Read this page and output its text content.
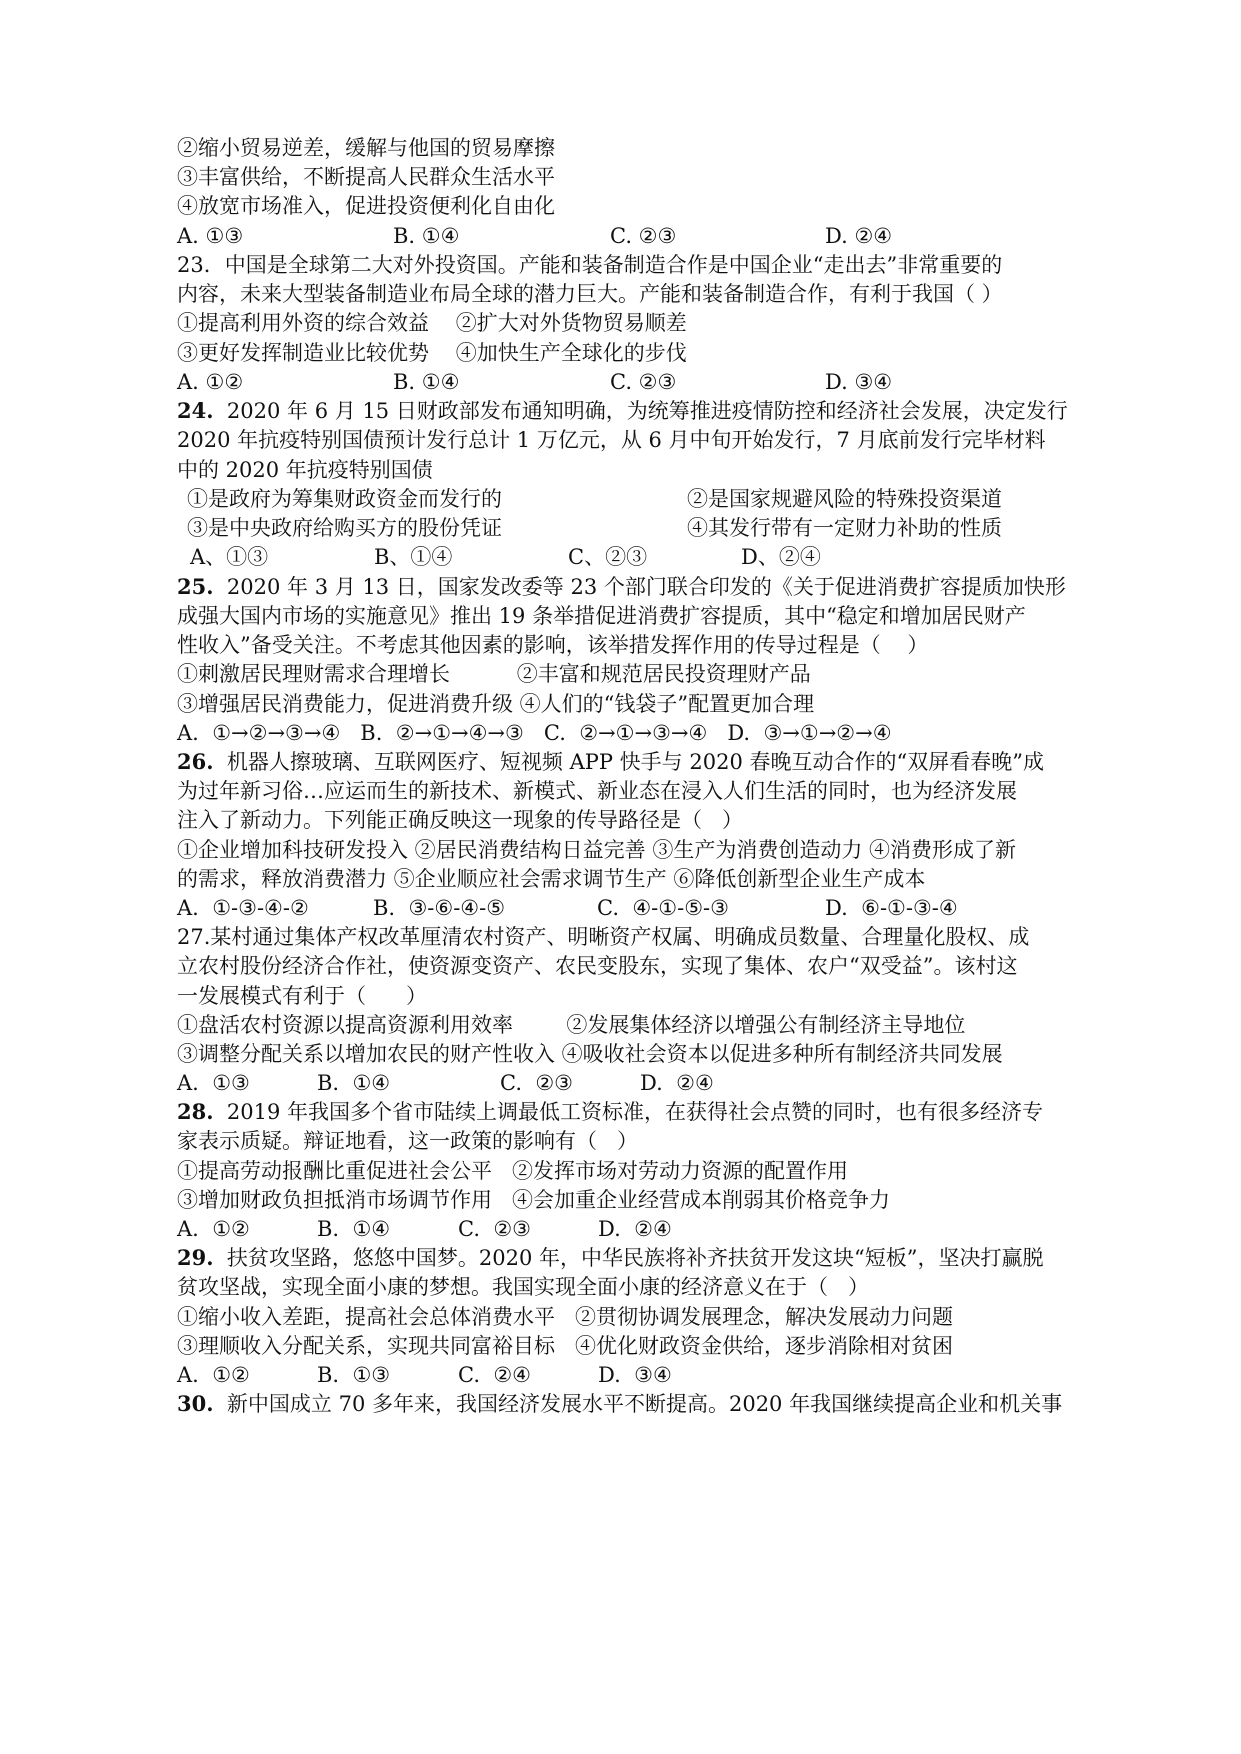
②缩小贸易逆差，缓解与他国的贸易摩擦
③丰富供给，不断提高人民群众生活水平
④放宽市场准入，促进投资便利化自由化
A. ①③	B. ①④	C. ②③	D. ②④
23．中国是全球第二大对外投资国。产能和装备制造合作是中国企业“走出去”非常重要的
内容，未来大型装备制造业布局全球的潜力巨大。产能和装备制造合作，有利于我国（ ）
①提高利用外资的综合效益    ②扩大对外货物贸易顺差
③更好发挥制造业比较优势    ④加快生产全球化的步伐
A. ①②	B. ①④	C. ②③	D. ③④
24. 2020 年 6 月 15 日财政部发布通知明确，为统筹推进疫情防控和经济社会发展，决定发行
2020 年抗疫特别国债预计发行总计 1 万亿元，从 6 月中旬开始发行，7 月底前发行完毕材料
中的 2020 年抗疫特别国债
①是政府为筹集财政资金而发行的	②是国家规避风险的特殊投资渠道
③是中央政府给购买方的股份凭证	④其发行带有一定财力补助的性质
A、①③	B、①④	C、②③	D、②④
25. 2020 年 3 月 13 日，国家发改委等 23 个部门联合印发的《关于促进消费扩容提质加快形
成强大国内市场的实施意见》推出 19 条举措促进消费扩容提质，其中“稳定和增加居民财产
性收入”备受关注。不考虑其他因素的影响，该举措发挥作用的传导过程是（    ）
①刺激居民理财需求合理增长          ②丰富和规范居民投资理财产品
③增强居民消费能力，促进消费升级 ④人们的“钱袋子”配置更加合理
A.  ①→②→③→④   B.  ②→①→④→③   C.  ②→①→③→④   D.  ③→①→②→④
26. 机器人擦玻璃、互联网医疗、短视频 APP 快手与 2020 春晚互动合作的“双屏看春晚”成
为过年新习俗…应运而生的新技术、新模式、新业态在浸入人们生活的同时，也为经济发展
注入了新动力。下列能正确反映这一现象的传导路径是（   ）
①企业增加科技研发投入 ②居民消费结构日益完善 ③生产为消费创造动力 ④消费形成了新
的需求，释放消费潜力 ⑤企业顺应社会需求调节生产 ⑥降低创新型企业生产成本
A.  ①-③-④-②	B.  ③-⑥-④-⑤	C.  ④-①-⑤-③	D.  ⑥-①-③-④
27.某村通过集体产权改革厘清农村资产、明晰资产权属、明确成员数量、合理量化股权、成
立农村股份经济合作社，使资源变资产、农民变股东，实现了集体、农户“双受益”。该村这
一发展模式有利于（      ）
①盘活农村资源以提高资源利用效率        ②发展集体经济以增强公有制经济主导地位
③调整分配关系以增加农民的财产性收入 ④吸收社会资本以促进多种所有制经济共同发展
A.  ①③	B.  ①④	C.  ②③	D.  ②④
28. 2019 年我国多个省市陆续上调最低工资标准，在获得社会点赞的同时，也有很多经济专
家表示质疑。辩证地看，这一政策的影响有（   ）
①提高劳动报酬比重促进社会公平   ②发挥市场对劳动力资源的配置作用
③增加财政负担抵消市场调节作用   ④会加重企业经营成本削弱其价格竞争力
A.  ①②	B.  ①④	C.  ②③	D.  ②④
29. 扶贫攻坚路，悠悠中国梦。2020 年，中华民族将补齐扶贫开发这块“短板”，坚决打赢脱
贫攻坚战，实现全面小康的梦想。我国实现全面小康的经济意义在于（   ）
①缩小收入差距，提高社会总体消费水平   ②贯彻协调发展理念，解决发展动力问题
③理顺收入分配关系，实现共同富裕目标   ④优化财政资金供给，逐步消除相对贫困
A.  ①②	B.  ①③	C.  ②④	D.  ③④
30. 新中国成立 70 多年来，我国经济发展水平不断提高。2020 年我国继续提高企业和机关事
